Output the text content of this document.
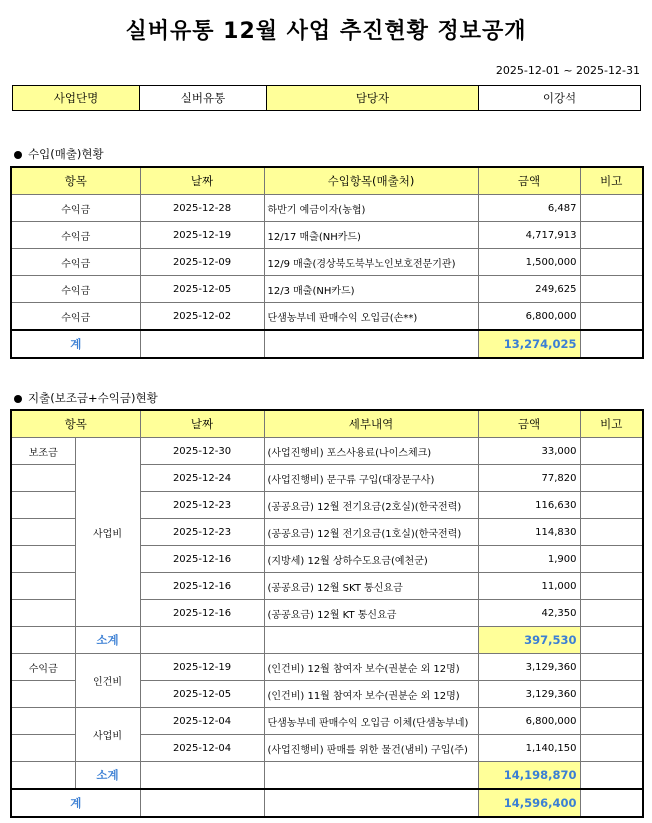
실버유통 12월 사업 추진현황 정보공개
2025-12-01 ~ 2025-12-31
사업단명	실버유통	담당자	이강석
수입(매출)현황
항목	날짜	수입항목(매출처)	금액	비고
수익금	2025-12-28	하반기 예금이자(농협)	6,487	
수익금	2025-12-19	12/17 매출(NH카드)	4,717,913	
수익금	2025-12-09	12/9 매출(경상북도북부노인보호전문기관)	1,500,000	
수익금	2025-12-05	12/3 매출(NH카드)	249,625	
수익금	2025-12-02	단샘농부네 판매수익 오입금(손**)	6,800,000	
계			13,274,025	
지출(보조금+수익금)현황
항목		날짜	세부내역	금액	비고
보조금	사업비	2025-12-30	(사업진행비) 포스사용료(나이스체크)	33,000	
		2025-12-24	(사업진행비) 문구류 구입(대장문구사)	77,820	
		2025-12-23	(공공요금) 12월 전기요금(2호실)(한국전력)	116,630	
		2025-12-23	(공공요금) 12월 전기요금(1호실)(한국전력)	114,830	
		2025-12-16	(지방세) 12월 상하수도요금(예천군)	1,900	
		2025-12-16	(공공요금) 12월 SKT 통신요금	11,000	
		2025-12-16	(공공요금) 12월 KT 통신요금	42,350	
	소계			397,530	
수익금	인건비	2025-12-19	(인건비) 12월 참여자 보수(권분순 외 12명)	3,129,360	
		2025-12-05	(인건비) 11월 참여자 보수(권분순 외 12명)	3,129,360	
	사업비	2025-12-04	단샘농부네 판매수익 오입금 이체(단샘농부네)	6,800,000	
		2025-12-04	(사업진행비) 판매를 위한 물건(냄비) 구입(주)	1,140,150	
	소계			14,198,870	
계				14,596,400	
